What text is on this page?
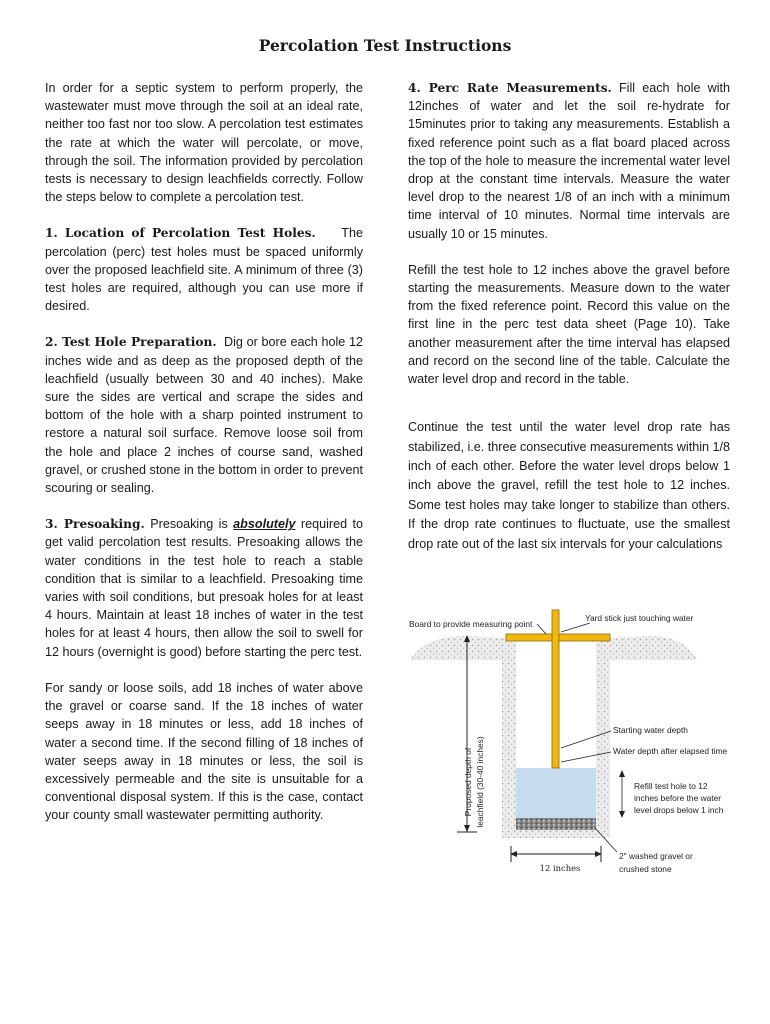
Percolation Test Instructions

In order for a septic system to perform properly, the wastewater must move through the soil at an ideal rate, neither too fast nor too slow. A percolation test estimates the rate at which the water will percolate, or move, through the soil. The information provided by percolation tests is necessary to design leachfields correctly. Follow the steps below to complete a percolation test.

1. Location of Percolation Test Holes. The percolation (perc) test holes must be spaced uniformly over the proposed leachfield site. A minimum of three (3) test holes are required, although you can use more if desired.

2. Test Hole Preparation. Dig or bore each hole 12 inches wide and as deep as the proposed depth of the leachfield (usually between 30 and 40 inches). Make sure the sides are vertical and scrape the sides and bottom of the hole with a sharp pointed instrument to restore a natural soil surface. Remove loose soil from the hole and place 2 inches of course sand, washed gravel, or crushed stone in the bottom in order to prevent scouring or sealing.

3. Presoaking. Presoaking is absolutely required to get valid percolation test results. Presoaking allows the water conditions in the test hole to reach a stable condition that is similar to a leachfield. Presoaking time varies with soil conditions, but presoak holes for at least 4 hours. Maintain at least 18 inches of water in the test holes for at least 4 hours, then allow the soil to swell for 12 hours (overnight is good) before starting the perc test.

For sandy or loose soils, add 18 inches of water above the gravel or coarse sand. If the 18 inches of water seeps away in 18 minutes or less, add 18 inches of water a second time. If the second filling of 18 inches of water seeps away in 18 minutes or less, the soil is excessively permeable and the site is unsuitable for a conventional disposal system. If this is the case, contact your county small wastewater permitting authority.

4. Perc Rate Measurements. Fill each hole with 12inches of water and let the soil re-hydrate for 15minutes prior to taking any measurements. Establish a fixed reference point such as a flat board placed across the top of the hole to measure the incremental water level drop at the constant time intervals. Measure the water level drop to the nearest 1/8 of an inch with a minimum time interval of 10 minutes. Normal time intervals are usually 10 or 15 minutes.

Refill the test hole to 12 inches above the gravel before starting the measurements. Measure down to the water from the fixed reference point. Record this value on the first line in the perc test data sheet (Page 10). Take another measurement after the time interval has elapsed and record on the second line of the table. Calculate the water level drop and record in the table.

Continue the test until the water level drop rate has stabilized, i.e. three consecutive measurements within 1/8 inch of each other. Before the water level drops below 1 inch above the gravel, refill the test hole to 12 inches. Some test holes may take longer to stabilize than others. If the drop rate continues to fluctuate, use the smallest drop rate out of the last six intervals for your calculations

Proposed depth of leachfield (30-40 inches)
12 inches
Board to provide measuring point
Yard stick just touching water
Starting water depth
Water depth after elapsed time
Refill test hole to 12
inches before the water
level drops below 1 inch
2" washed gravel or
crushed stone
